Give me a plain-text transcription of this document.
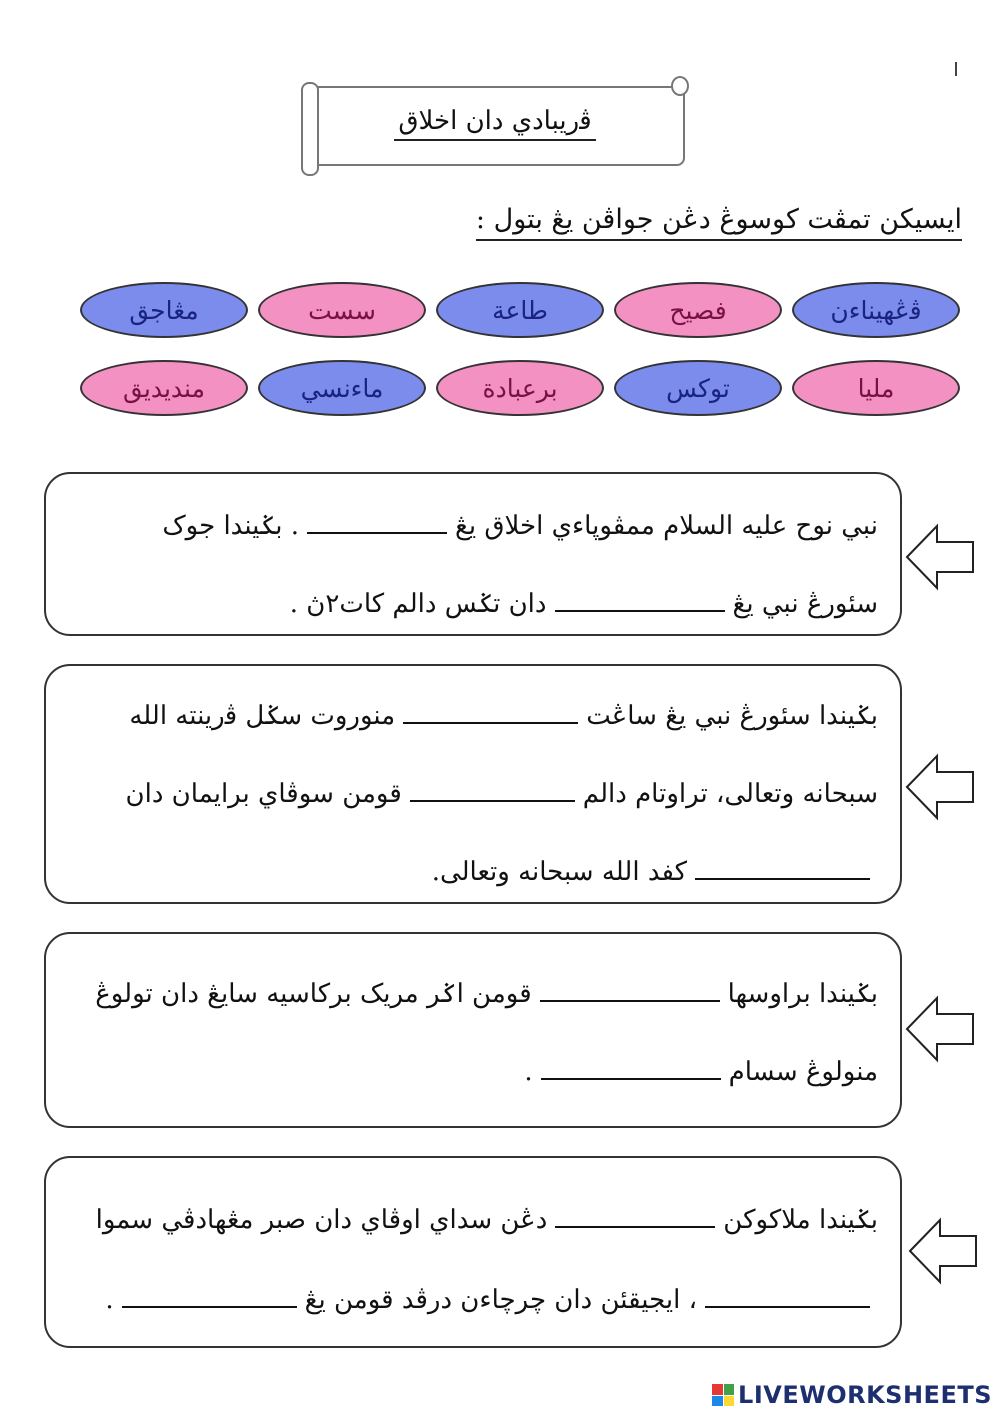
ﭬريبادي دان اخلاق
ايسيکن تمڤت کوسوڠ دڠن جواڤن يڠ بتول :
ﭬڠهيناءن
فصيح
طاعة
سست
مڠاجق
مليا
توکس
برعبادة
ماءنسي
منديديق
نبي نوح عليه السلام ممڤوڽاءي اخلاق يڠ. بݢيندا جوک
سئورڠ نبي يڠدان تݢس دالم کات٢ڽ .
بݢيندا سئورڠ نبي يڠ ساڠتمنوروت سݢل ﭬرينته الله
سبحانه وتعالى، تراوتام دالمقومن سوڤاي برايمان دان
کفد الله سبحانه وتعالى.
بݢيندا براوسهاقومن اݢر مريک برکاسيه سايڠ دان تولوڠ
منولوڠ سسام.
بݢيندا ملاکوکندڠن سداي اوڤاي دان صبر مڠهادڤي سموا
، ايجيقئن دان چرچاءن درڤد قومن يڠ.
LIVEWORKSHEETS
